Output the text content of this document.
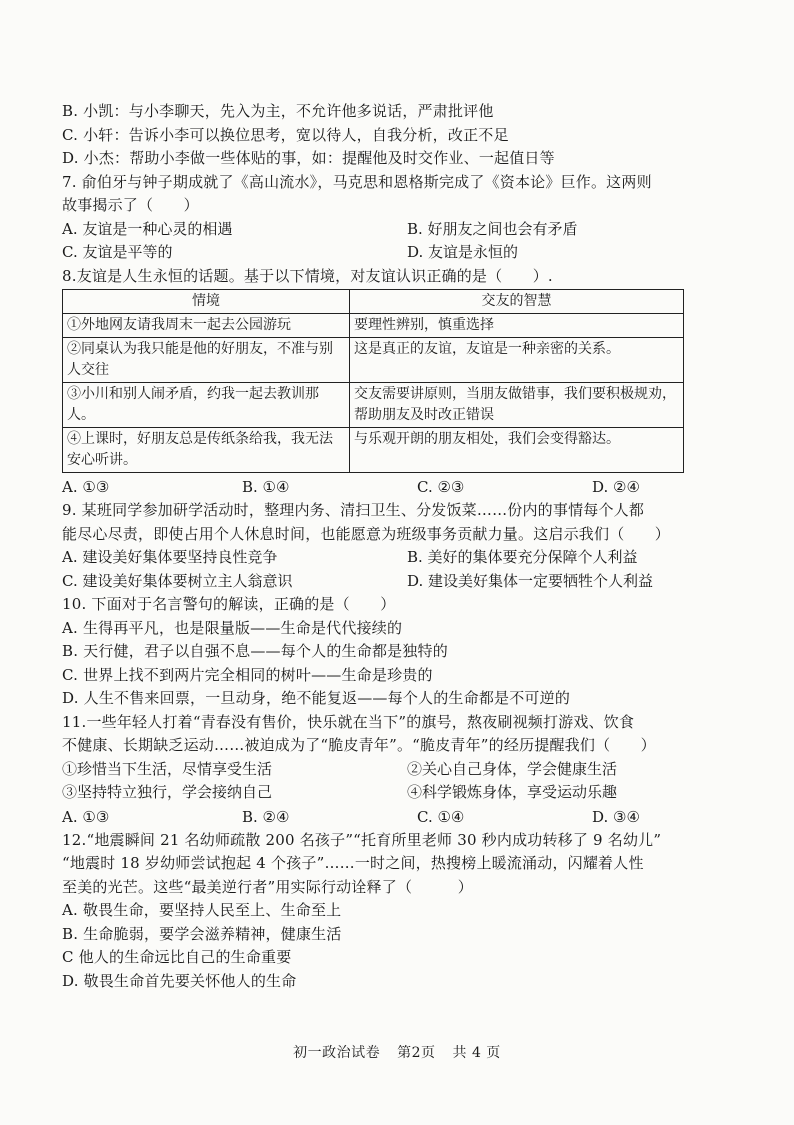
B. 小凯：与小李聊天，先入为主，不允许他多说话，严肃批评他
C. 小轩：告诉小李可以换位思考，宽以待人，自我分析，改正不足
D. 小杰：帮助小李做一些体贴的事，如：提醒他及时交作业、一起值日等
7. 俞伯牙与钟子期成就了《高山流水》，马克思和恩格斯完成了《资本论》巨作。这两则
故事揭示了（　　）
A. 友谊是一种心灵的相遇	B. 好朋友之间也会有矛盾
C. 友谊是平等的	D. 友谊是永恒的
8.友谊是人生永恒的话题。基于以下情境，对友谊认识正确的是（　　）.
情境	交友的智慧
①外地网友请我周末一起去公园游玩	要理性辨别，慎重选择
②同桌认为我只能是他的好朋友，不准与别人交往	这是真正的友谊，友谊是一种亲密的关系。
③小川和别人闹矛盾，约我一起去教训那人。	交友需要讲原则，当朋友做错事，我们要积极规劝，帮助朋友及时改正错误
④上课时，好朋友总是传纸条给我，我无法安心听讲。	与乐观开朗的朋友相处，我们会变得豁达。
A. ①③	B. ①④	C. ②③	D. ②④
9. 某班同学参加研学活动时，整理内务、清扫卫生、分发饭菜……份内的事情每个人都
能尽心尽责，即使占用个人休息时间，也能愿意为班级事务贡献力量。这启示我们（　　）
A. 建设美好集体要坚持良性竞争	B. 美好的集体要充分保障个人利益
C. 建设美好集体要树立主人翁意识	D. 建设美好集体一定要牺牲个人利益
10. 下面对于名言警句的解读，正确的是（　　）
A. 生得再平凡，也是限量版——生命是代代接续的
B. 天行健，君子以自强不息——每个人的生命都是独特的
C. 世界上找不到两片完全相同的树叶——生命是珍贵的
D. 人生不售来回票，一旦动身，绝不能复返——每个人的生命都是不可逆的
11.一些年轻人打着“青春没有售价，快乐就在当下”的旗号，熬夜刷视频打游戏、饮食
不健康、长期缺乏运动……被迫成为了“脆皮青年”。“脆皮青年”的经历提醒我们（　　）
①珍惜当下生活，尽情享受生活	②关心自己身体，学会健康生活
③坚持特立独行，学会接纳自己	④科学锻炼身体，享受运动乐趣
A. ①③	B. ②④	C. ①④	D. ③④
12.“地震瞬间 21 名幼师疏散 200 名孩子”“托育所里老师 30 秒内成功转移了 9 名幼儿”
“地震时 18 岁幼师尝试抱起 4 个孩子”……一时之间，热搜榜上暖流涌动，闪耀着人性
至美的光芒。这些“最美逆行者”用实际行动诠释了（　　　）
A. 敬畏生命，要坚持人民至上、生命至上
B. 生命脆弱，要学会滋养精神，健康生活
C 他人的生命远比自己的生命重要
D. 敬畏生命首先要关怀他人的生命
初一政治试卷 第2页 共 4 页
